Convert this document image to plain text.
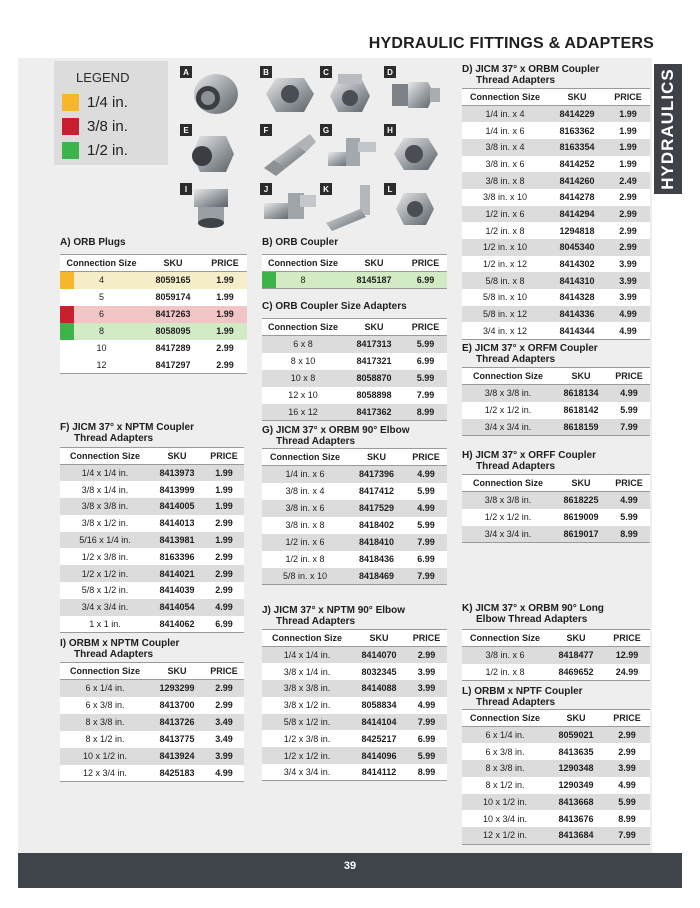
HYDRAULIC FITTINGS & ADAPTERS
HYDRAULICS
LEGEND
1/4 in.
3/8 in.
1/2 in.
A	B	C	D
E	F	G	H
I	J	K	L
A) ORB Plugs
Connection Size	SKU	PRICE

4	8059165	1.99
5	8059174	1.99

6	8417263	1.99

8	8058095	1.99
10	8417289	2.99
12	8417297	2.99
B) ORB Coupler
Connection Size	SKU	PRICE

8	8145187	6.99
C) ORB Coupler Size Adapters
Connection Size	SKU	PRICE
6 x 8	8417313	5.99
8 x 10	8417321	6.99
10 x 8	8058870	5.99
12 x 10	8058898	7.99
16 x 12	8417362	8.99
D) JICM 37° x ORBM Coupler
Thread Adapters
Connection Size	SKU	PRICE
1/4 in. x 4	8414229	1.99
1/4 in. x 6	8163362	1.99
3/8 in. x 4	8163354	1.99
3/8 in. x 6	8414252	1.99
3/8 in. x 8	8414260	2.49
3/8 in. x 10	8414278	2.99
1/2 in. x 6	8414294	2.99
1/2 in. x 8	1294818	2.99
1/2 in. x 10	8045340	2.99
1/2 in. x 12	8414302	3.99
5/8 in. x 8	8414310	3.99
5/8 in. x 10	8414328	3.99
5/8 in. x 12	8414336	4.99
3/4 in. x 12	8414344	4.99
E) JICM 37° x ORFM Coupler
Thread Adapters
Connection Size	SKU	PRICE
3/8 x 3/8 in.	8618134	4.99
1/2 x 1/2 in.	8618142	5.99
3/4 x 3/4 in.	8618159	7.99
F) JICM 37° x NPTM Coupler
Thread Adapters
Connection Size	SKU	PRICE
1/4 x 1/4 in.	8413973	1.99
3/8 x 1/4 in.	8413999	1.99
3/8 x 3/8 in.	8414005	1.99
3/8 x 1/2 in.	8414013	2.99
5/16 x 1/4 in.	8413981	1.99
1/2 x 3/8 in.	8163396	2.99
1/2 x 1/2 in.	8414021	2.99
5/8 x 1/2 in.	8414039	2.99
3/4 x 3/4 in.	8414054	4.99
1 x 1 in.	8414062	6.99
G) JICM 37° x ORBM 90° Elbow
Thread Adapters
Connection Size	SKU	PRICE
1/4 in. x 6	8417396	4.99
3/8 in. x 4	8417412	5.99
3/8 in. x 6	8417529	4.99
3/8 in. x 8	8418402	5.99
1/2 in. x 6	8418410	7.99
1/2 in. x 8	8418436	6.99
5/8 in. x 10	8418469	7.99
H) JICM 37° x ORFF Coupler
Thread Adapters
Connection Size	SKU	PRICE
3/8 x 3/8 in.	8618225	4.99
1/2 x 1/2 in.	8619009	5.99
3/4 x 3/4 in.	8619017	8.99
I) ORBM x NPTM Coupler
Thread Adapters
Connection Size	SKU	PRICE
6 x 1/4 in.	1293299	2.99
6 x 3/8 in.	8413700	2.99
8 x 3/8 in.	8413726	3.49
8 x 1/2 in.	8413775	3.49
10 x 1/2 in.	8413924	3.99
12 x 3/4 in.	8425183	4.99
J) JICM 37° x NPTM 90° Elbow
Thread Adapters
Connection Size	SKU	PRICE
1/4 x 1/4 in.	8414070	2.99
3/8 x 1/4 in.	8032345	3.99
3/8 x 3/8 in.	8414088	3.99
3/8 x 1/2 in.	8058834	4.99
5/8 x 1/2 in.	8414104	7.99
1/2 x 3/8 in.	8425217	6.99
1/2 x 1/2 in.	8414096	5.99
3/4 x 3/4 in.	8414112	8.99
K) JICM 37° x ORBM 90° Long
Elbow Thread Adapters
Connection Size	SKU	PRICE
3/8 in. x 6	8418477	12.99
1/2 in. x 8	8469652	24.99
L) ORBM x NPTF Coupler
Thread Adapters
Connection Size	SKU	PRICE
6 x 1/4 in.	8059021	2.99
6 x 3/8 in.	8413635	2.99
8 x 3/8 in.	1290348	3.99
8 x 1/2 in.	1290349	4.99
10 x 1/2 in.	8413668	5.99
10 x 3/4 in.	8413676	8.99
12 x 1/2 in.	8413684	7.99
39
